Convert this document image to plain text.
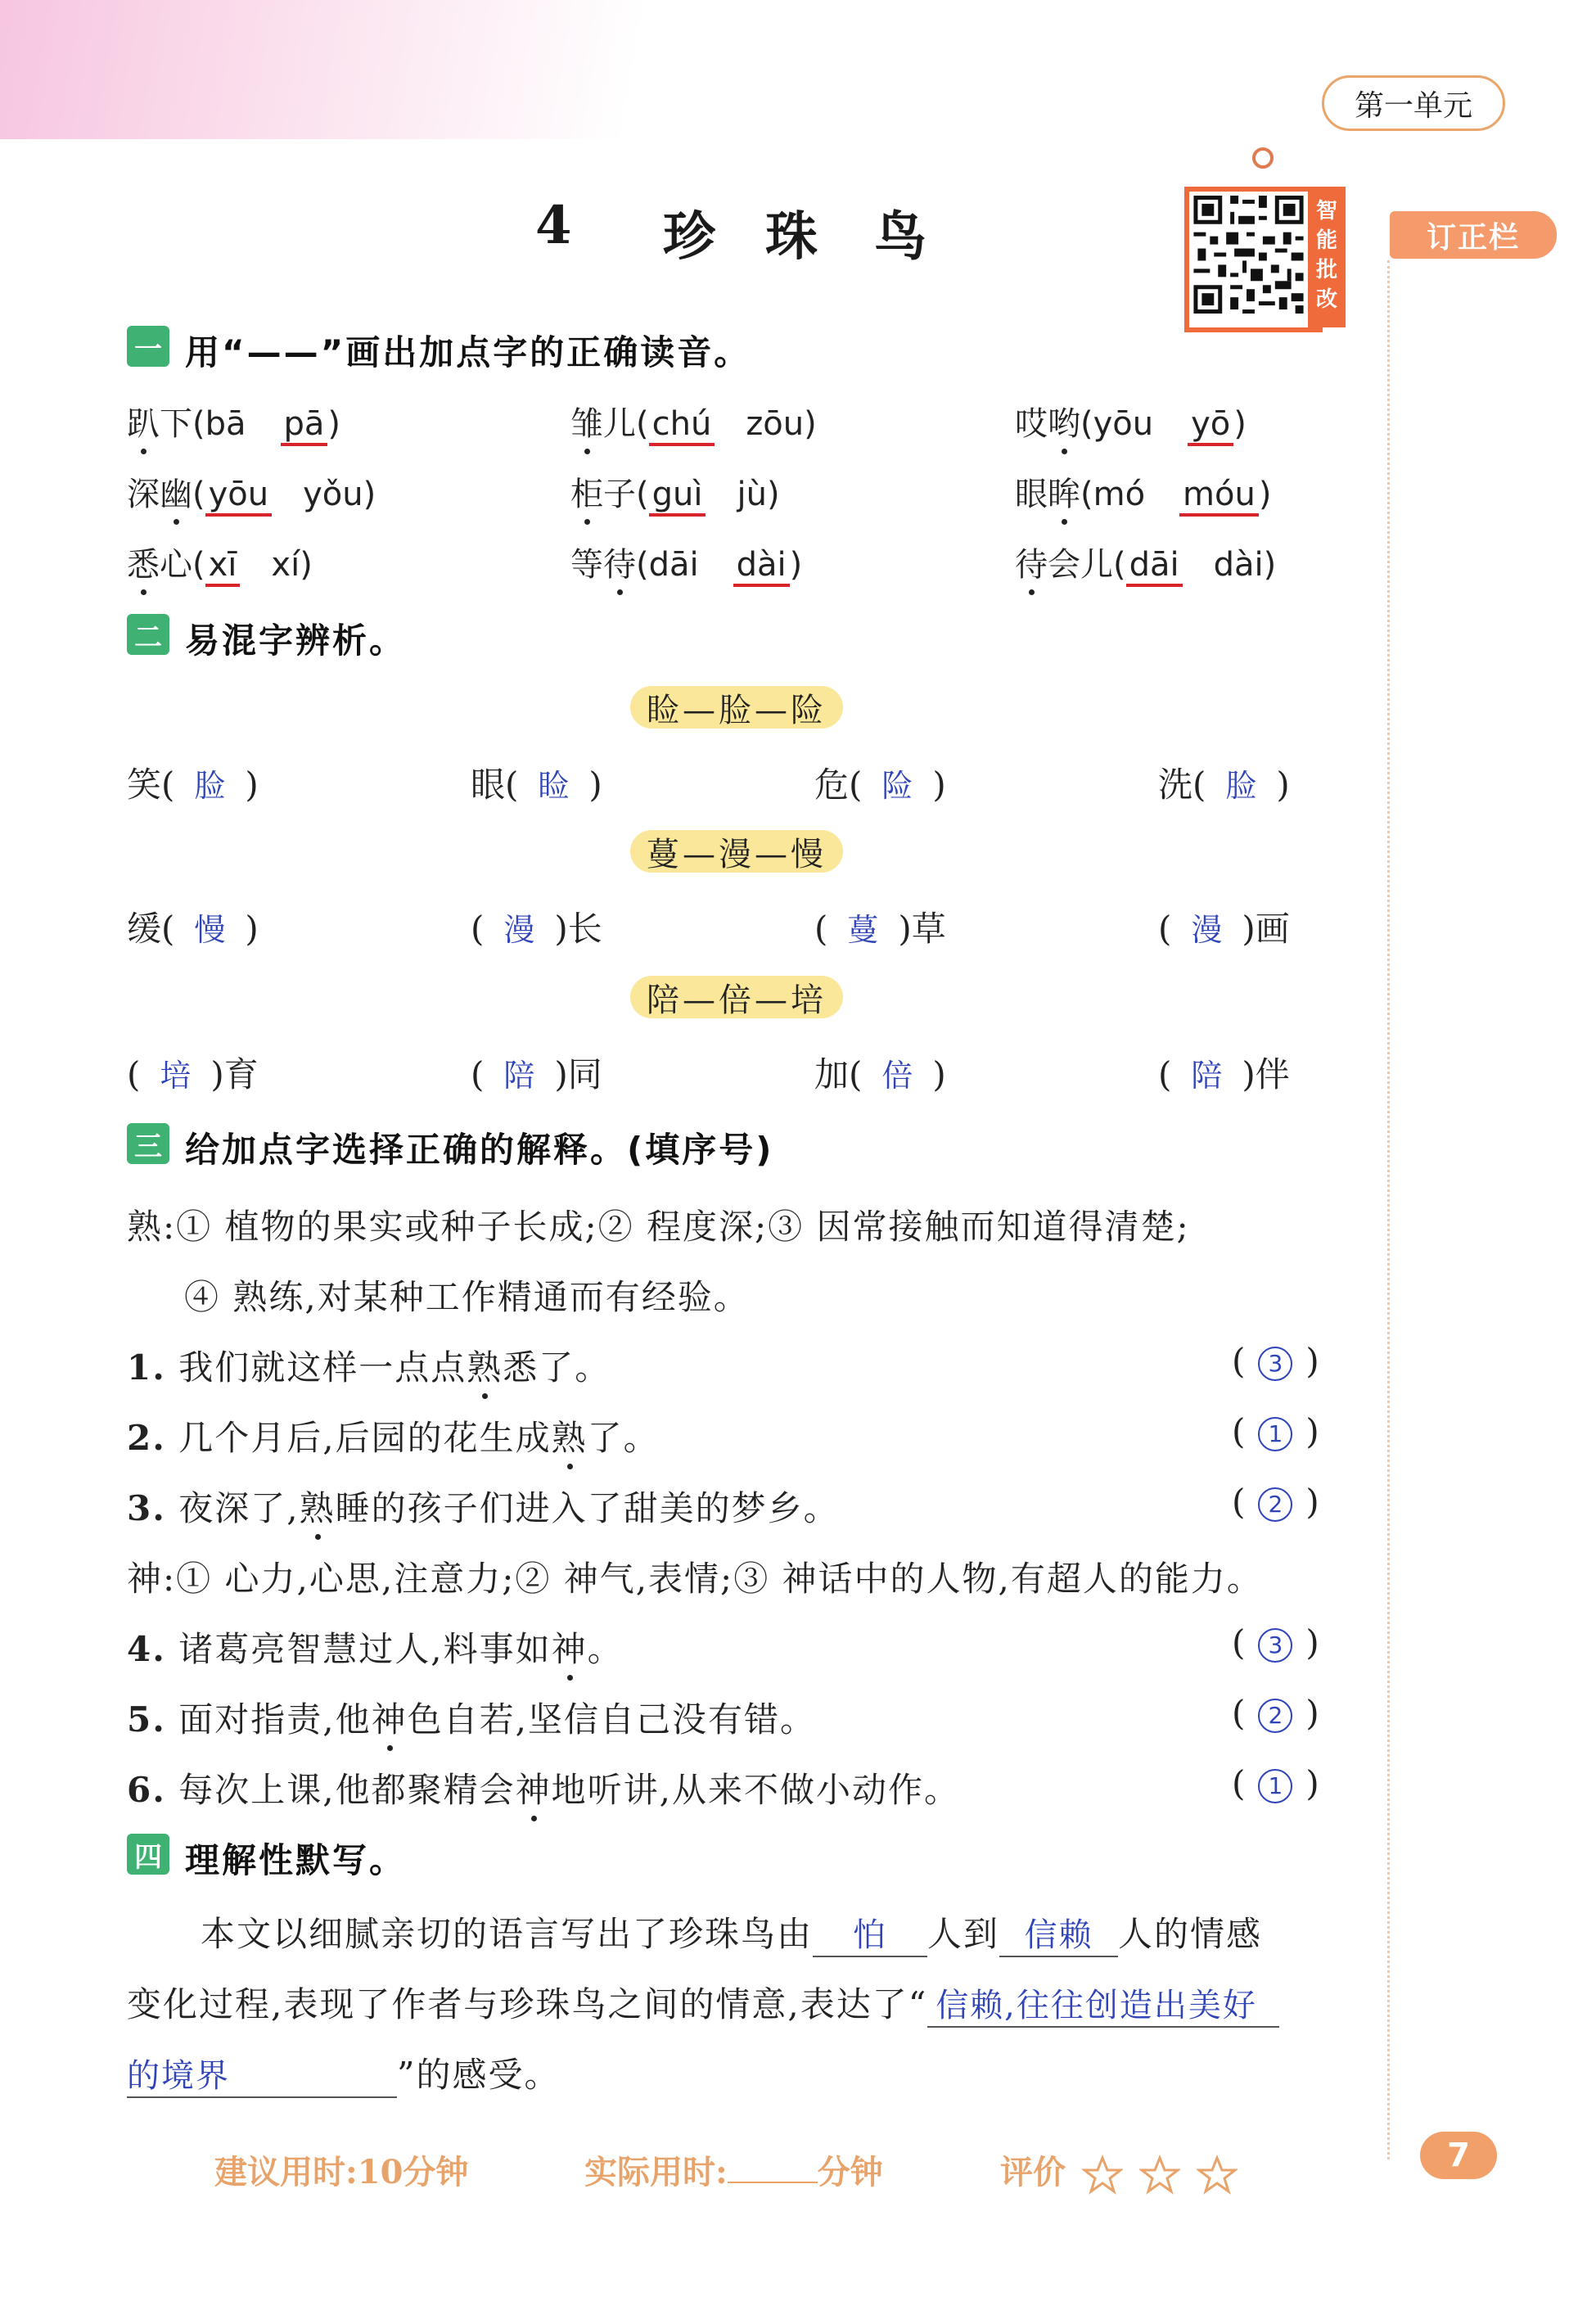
第一单元
4 珍 珠 鸟	智能批改
订正栏
一 用“——”画出加点字的正确读音。
趴下(bā pā )	雏儿( chú zōu)	哎哟(yōu yō )
深幽( yōu yǒu)	柜子( guì jù)	眼眸(mó móu )
悉心( xī xí)	等待(dāi dài )	待会儿( dāi dài)
二 易混字辨析。
睑—脸—险
笑( 脸 )	眼( 睑 )	危( 险 )	洗( 脸 )
蔓—漫—慢
缓( 慢 )	( 漫 )长	( 蔓 )草	( 漫 )画
陪—倍—培
( 培 )育	( 陪 )同	加( 倍 )	( 陪 )伴
三 给加点字选择正确的解释。(填序号)
熟:① 植物的果实或种子长成;② 程度深;③ 因常接触而知道得清楚;
④ 熟练,对某种工作精通而有经验。
1. 我们就这样一点点熟悉了。	( 3 )
2. 几个月后,后园的花生成熟了。	( 1 )
3. 夜深了,熟睡的孩子们进入了甜美的梦乡。	( 2 )
神:① 心力,心思,注意力;② 神气,表情;③ 神话中的人物,有超人的能力。
4. 诸葛亮智慧过人,料事如神。	( 3 )
5. 面对指责,他神色自若,坚信自己没有错。	( 2 )
6. 每次上课,他都聚精会神地听讲,从来不做小动作。	( 1 )
四 理解性默写。
本文以细腻亲切的语言写出了珍珠鸟由 怕 人到 信赖 人的情感
变化过程,表现了作者与珍珠鸟之间的情意,表达了“ 信赖,往往创造出美好
的境界	”的感受。
建议用时:10分钟	实际用时:	分钟	评价	7
